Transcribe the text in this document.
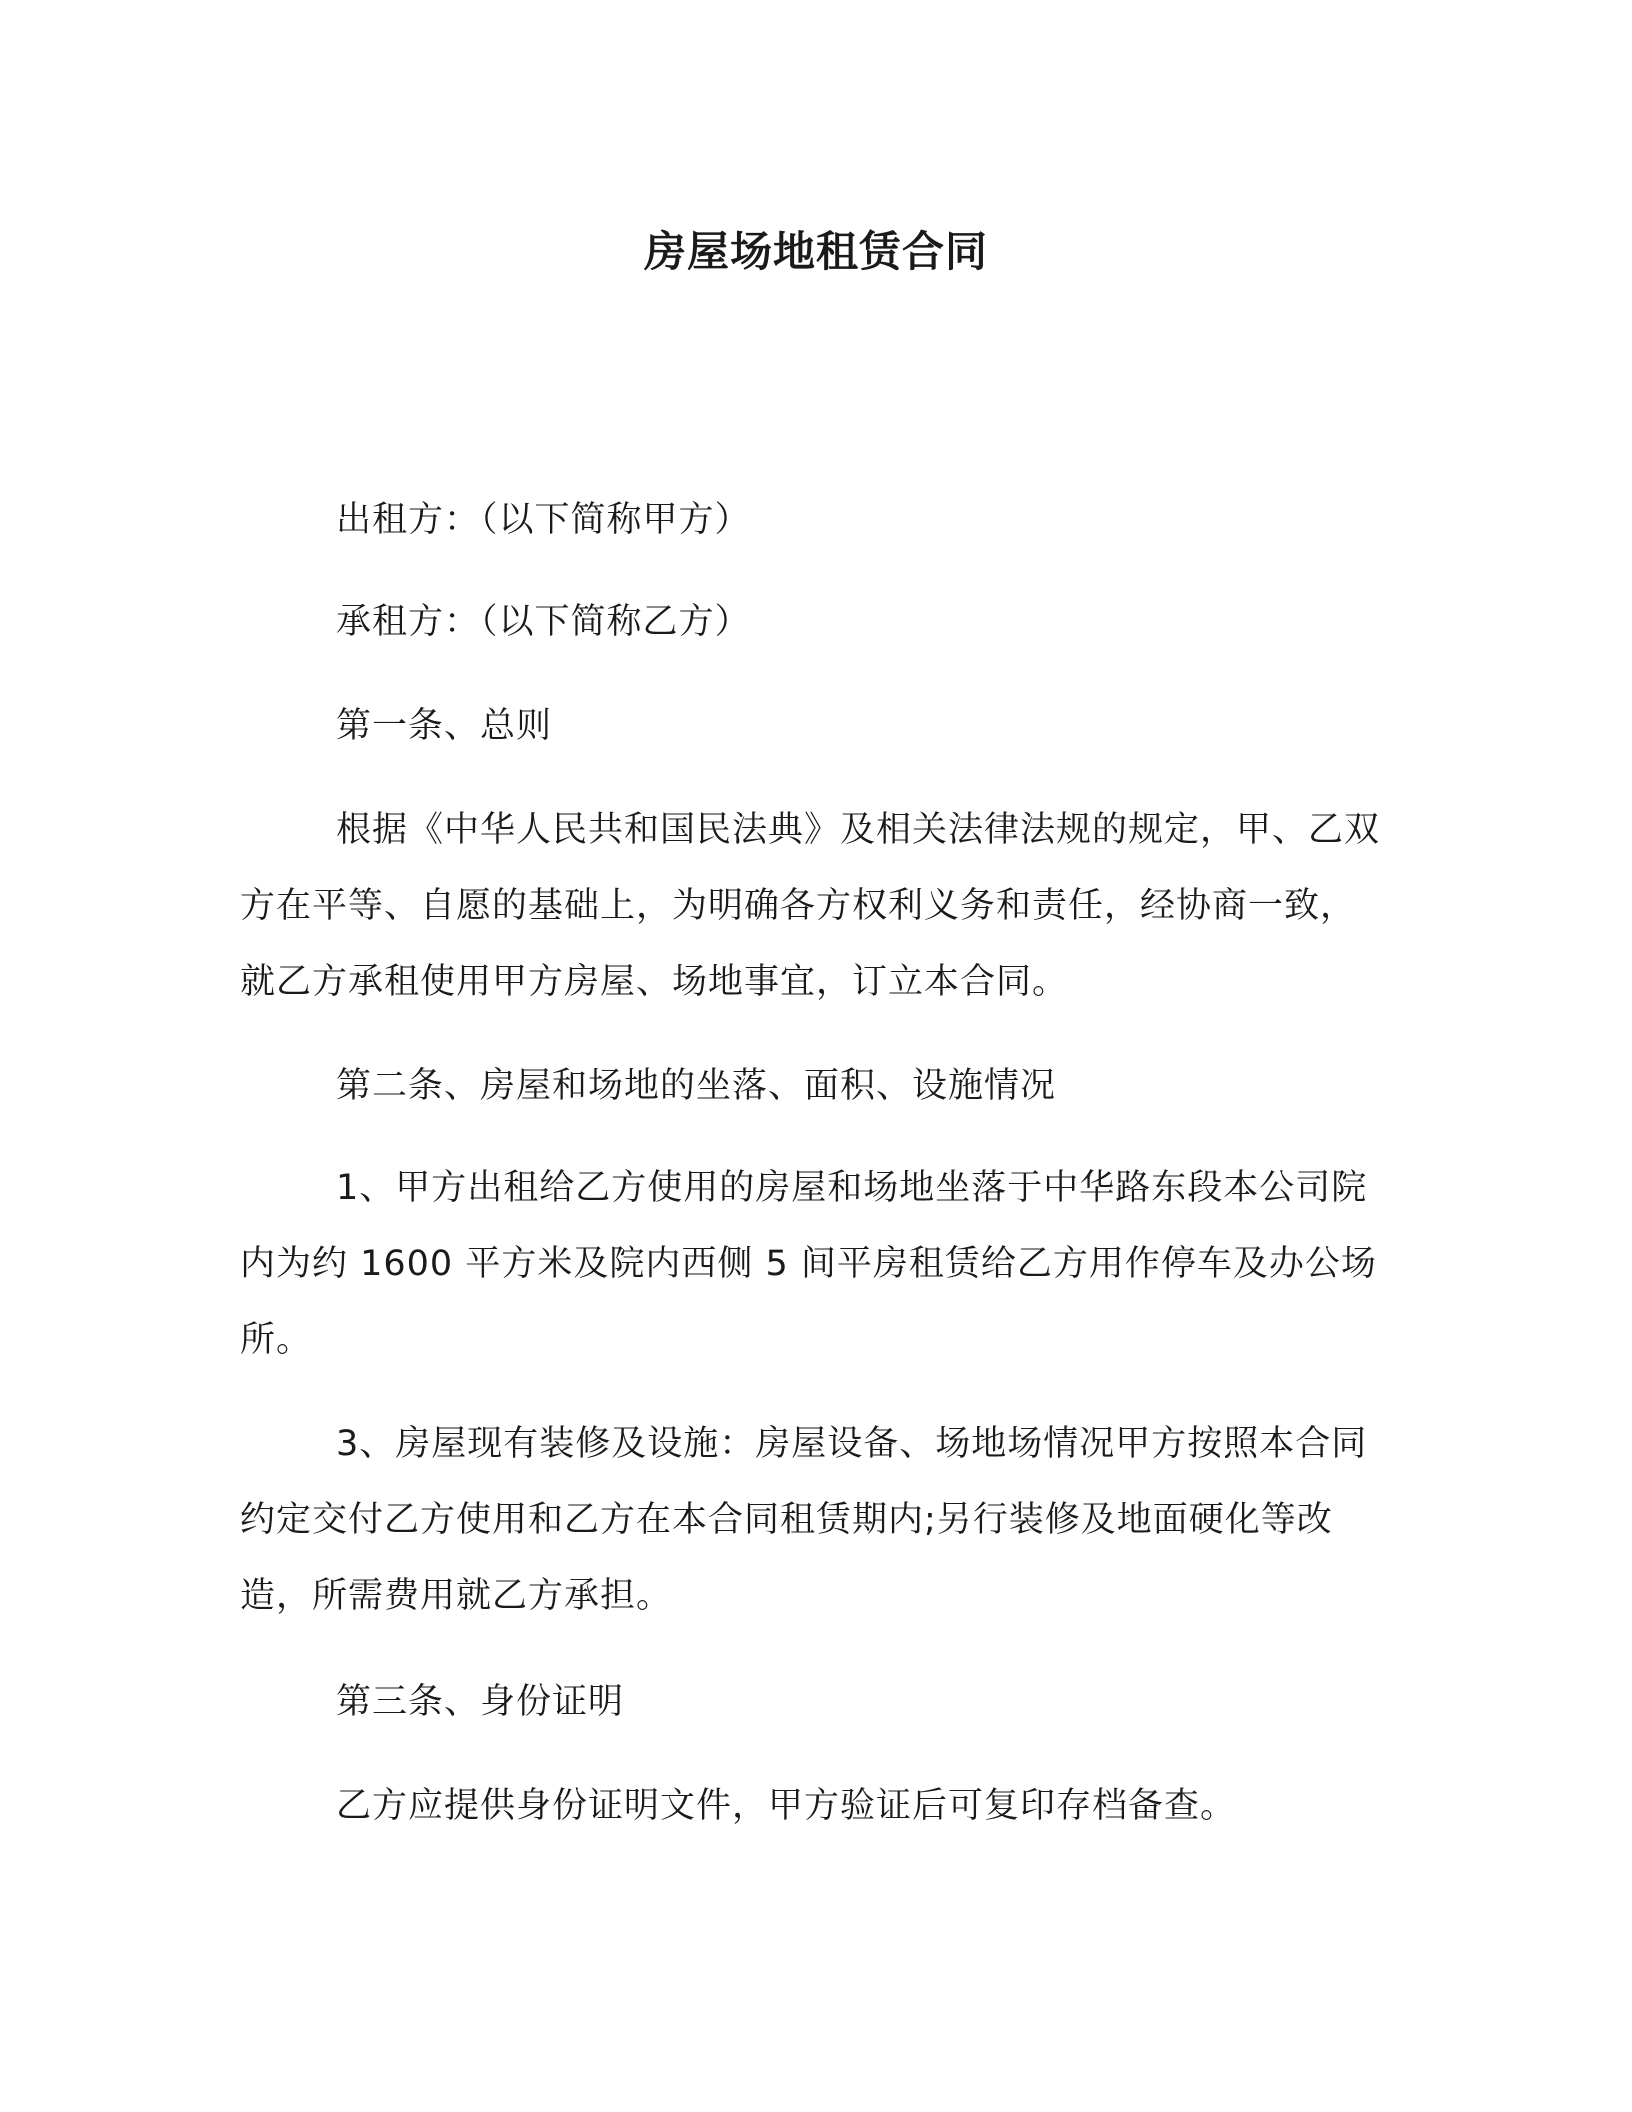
房屋场地租赁合同

出租方：（以下简称甲方）

承租方：（以下简称乙方）

第一条、总则

根据《中华人民共和国民法典》及相关法律法规的规定，甲、乙双方在平等、自愿的基础上，为明确各方权利义务和责任，经协商一致，就乙方承租使用甲方房屋、场地事宜，订立本合同。

第二条、房屋和场地的坐落、面积、设施情况

1、甲方出租给乙方使用的房屋和场地坐落于中华路东段本公司院内为约 1600 平方米及院内西侧 5 间平房租赁给乙方用作停车及办公场所。

3、房屋现有装修及设施：房屋设备、场地场情况甲方按照本合同约定交付乙方使用和乙方在本合同租赁期内;另行装修及地面硬化等改造，所需费用就乙方承担。

第三条、身份证明

乙方应提供身份证明文件，甲方验证后可复印存档备查。
